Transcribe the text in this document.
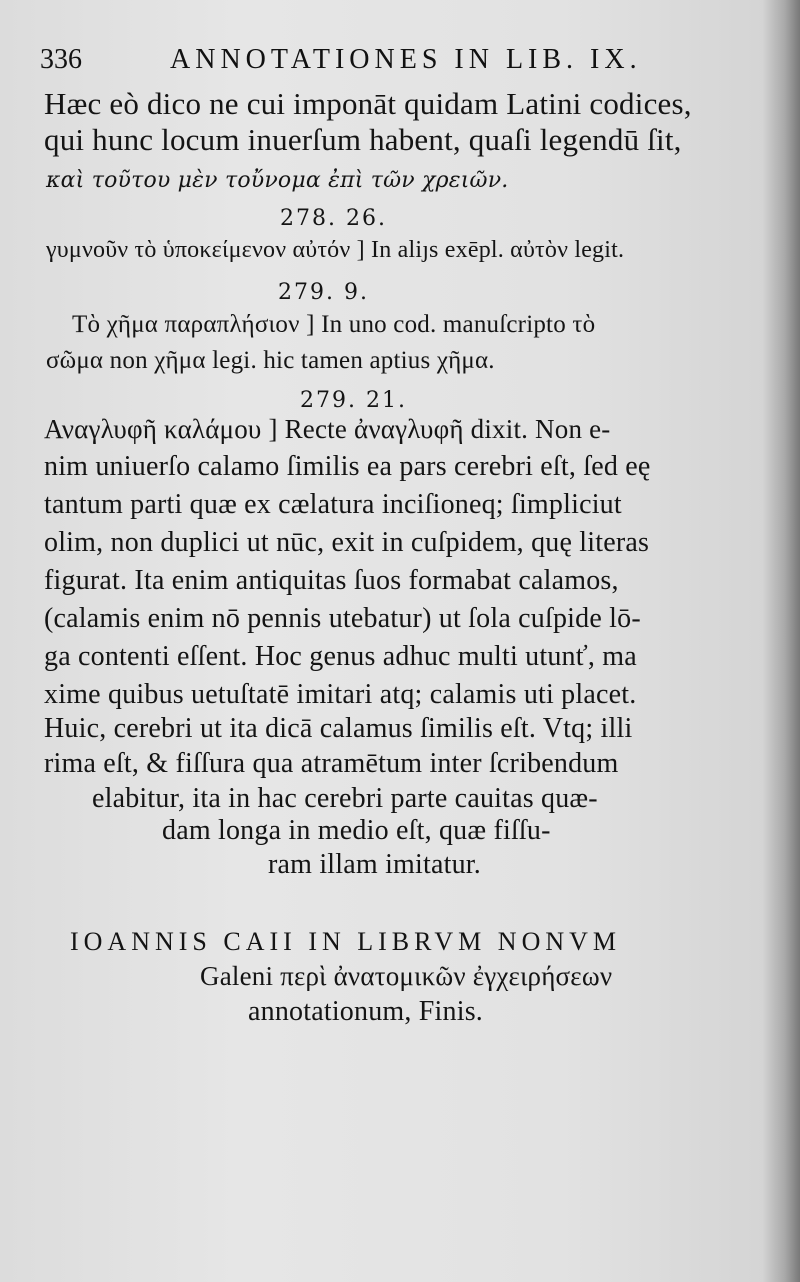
336	ANNOTATIONES IN LIB. IX.
Hæc eò dico ne cui imponāt quidam Latini codices,
qui hunc locum inuerſum habent, quaſi legendū ſit,
καὶ τοῦτου μὲν τοὔνομα ἐπὶ τῶν χρειῶν.
278. 26.
γυμνοῦν τὸ ὑποκείμενον αὐτόν ] In aliȷs exēpl. αὐτὸν legit.
279. 9.
Τὸ χῆμα παραπλήσιον ] In uno cod. manuſcripto τὸ
σῶμα non χῆμα legi. hic tamen aptius χῆμα.
279. 21.
Αναγλυφῆ καλάμου ] Recte ἀναγλυφῆ dixit. Non e-
nim uniuerſo calamo ſimilis ea pars cerebri eſt, ſed eę
tantum parti quæ ex cælatura inciſioneq; ſimpliciut
olim, non duplici ut nūc, exit in cuſpidem, quę literas
figurat. Ita enim antiquitas ſuos formabat calamos,
(calamis enim nō pennis utebatur) ut ſola cuſpide lō-
ga contenti eſſent. Hoc genus adhuc multi utunť, ma
xime quibus uetuſtatē imitari atq; calamis uti placet.
Huic, cerebri ut ita dicā calamus ſimilis eſt. Vtq; illi
rima eſt, & fiſſura qua atramētum inter ſcribendum
elabitur, ita in hac cerebri parte cauitas quæ-
dam longa in medio eſt, quæ fiſſu-
ram illam imitatur.
IOANNIS CAII IN LIBRVM NONVM
Galeni περὶ ἀνατομικῶν ἐγχειρήσεων
annotationum, Finis.
